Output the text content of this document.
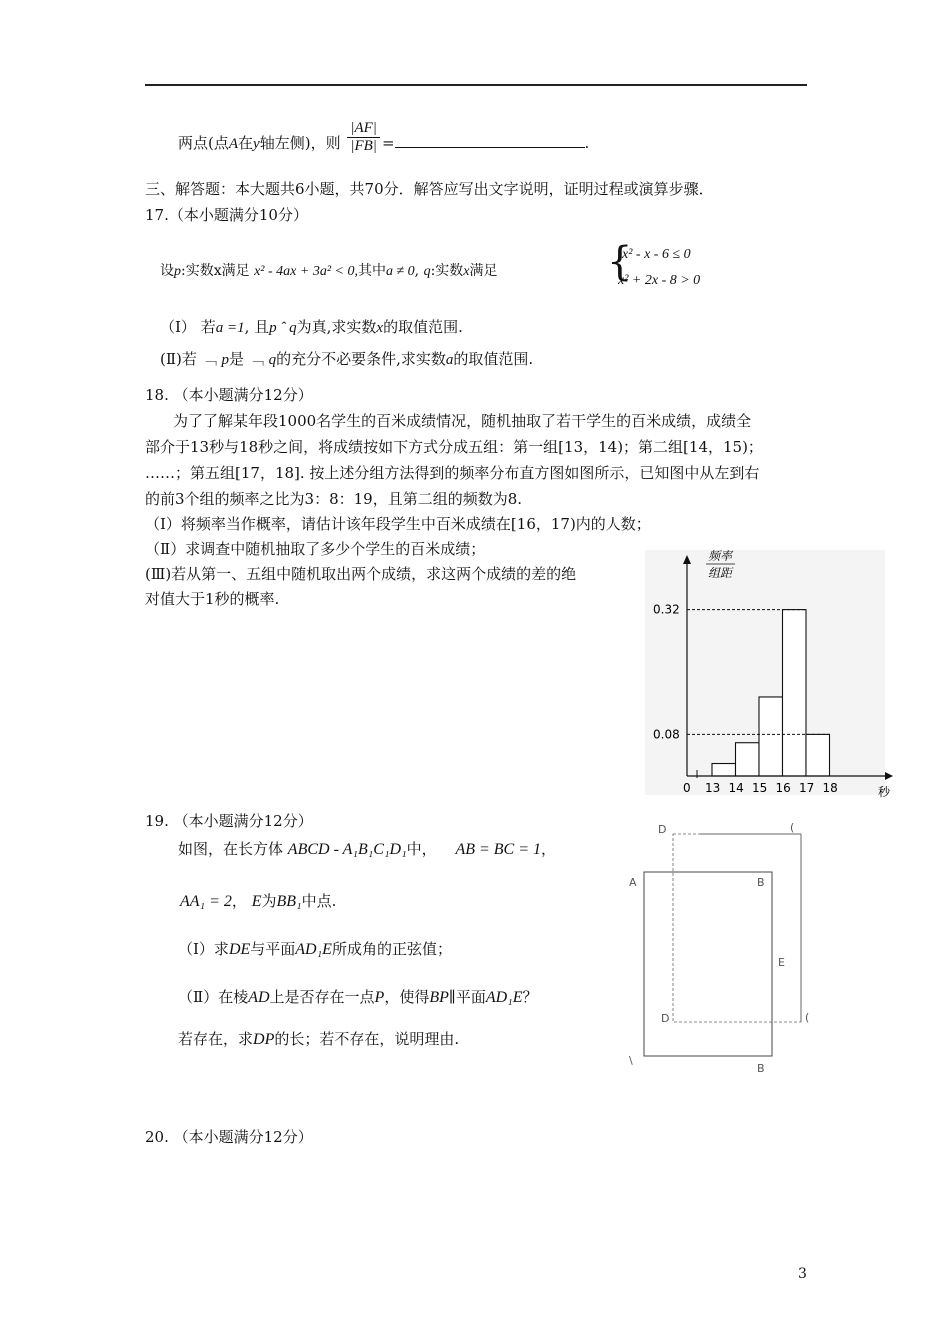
两点(点A在y轴左侧)，则 $\frac{|AF|}{|FB|}$ =	.
三、解答题：本大题共6小题，共70分．解答应写出文字说明，证明过程或演算步骤．
17.（本小题满分10分）
设p:实数x满足 x² - 4ax + 3a² < 0,其中a ≠ 0, q:实数x满足	{
x² - x - 6 ≤ 0
x² + 2x - 8 > 0
（Ⅰ） 若a =1, 且p ˆ q为真,求实数x的取值范围.
(Ⅱ)若 ﹁ p是 ﹁ q的充分不必要条件,求实数a的取值范围.
18. （本小题满分12分）
为了了解某年段1000名学生的百米成绩情况，随机抽取了若干学生的百米成绩，成绩全
部介于13秒与18秒之间，将成绩按如下方式分成五组：第一组[13，14)；第二组[14，15)；
……；第五组[17，18]. 按上述分组方法得到的频率分布直方图如图所示，已知图中从左到右
的前3个组的频率之比为3：8：19，且第二组的频数为8.
（Ⅰ）将频率当作概率，请估计该年段学生中百米成绩在[16，17)内的人数；
（Ⅱ）求调查中随机抽取了多少个学生的百米成绩；
(Ⅲ)若从第一、五组中随机取出两个成绩，求这两个成绩的差的绝
对值大于1秒的概率.
0.32
0.08
13 14 15 16 17 18
频率
组距
0	秒
19. （本小题满分12分）
如图，在长方体 ABCD - A₁B₁C₁D₁中， AB = BC = 1，
AA₁ = 2， E为BB₁中点.
（Ⅰ）求DE与平面AD₁E所成角的正弦值；
（Ⅱ）在棱AD上是否存在一点P，使得BP∥平面AD₁E？
若存在，求DP的长；若不存在，说明理由.
D	(
A	B
E
D	(
\
B
20. （本小题满分12分）
3
